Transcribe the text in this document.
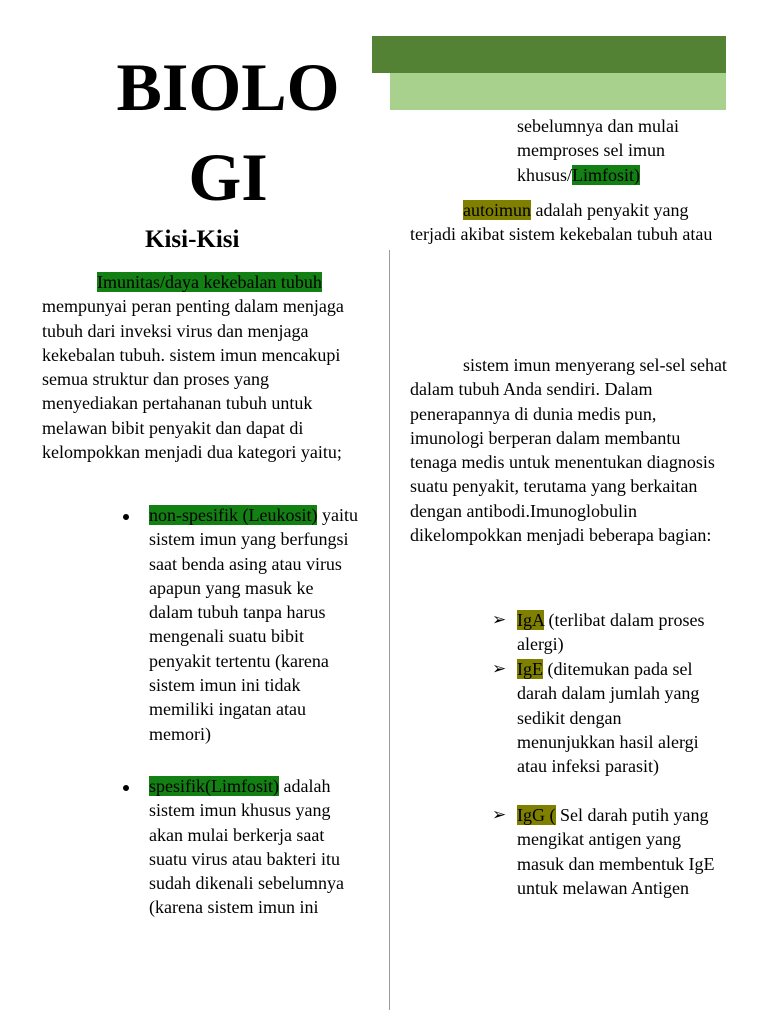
BIOLO
GI
Kisi-Kisi

Imunitas/daya kekebalan tubuh mempunyai peran penting dalam menjaga tubuh dari inveksi virus dan menjaga kekebalan tubuh. sistem imun mencakupi semua struktur dan proses yang menyediakan pertahanan tubuh untuk melawan bibit penyakit dan dapat di kelompokkan menjadi dua kategori yaitu;

non-spesifik (Leukosit) yaitu sistem imun yang berfungsi saat benda asing atau virus apapun yang masuk ke dalam tubuh tanpa harus mengenali suatu bibit penyakit tertentu (karena sistem imun ini tidak memiliki ingatan atau memori)

spesifik(Limfosit) adalah sistem imun khusus yang akan mulai berkerja saat suatu virus atau bakteri itu sudah dikenali sebelumnya (karena sistem imun ini

sebelumnya dan mulai memproses sel imun khusus/Limfosit)

autoimun adalah penyakit yang terjadi akibat sistem kekebalan tubuh atau

sistem imun menyerang sel-sel sehat dalam tubuh Anda sendiri. Dalam penerapannya di dunia medis pun, imunologi berperan dalam membantu tenaga medis untuk menentukan diagnosis suatu penyakit, terutama yang berkaitan dengan antibodi.Imunoglobulin dikelompokkan menjadi beberapa bagian:

➢ IgA (terlibat dalam proses alergi)

➢ IgE (ditemukan pada sel darah dalam jumlah yang sedikit dengan menunjukkan hasil alergi atau infeksi parasit)

➢ IgG ( Sel darah putih yang mengikat antigen yang masuk dan membentuk IgE untuk melawan Antigen
